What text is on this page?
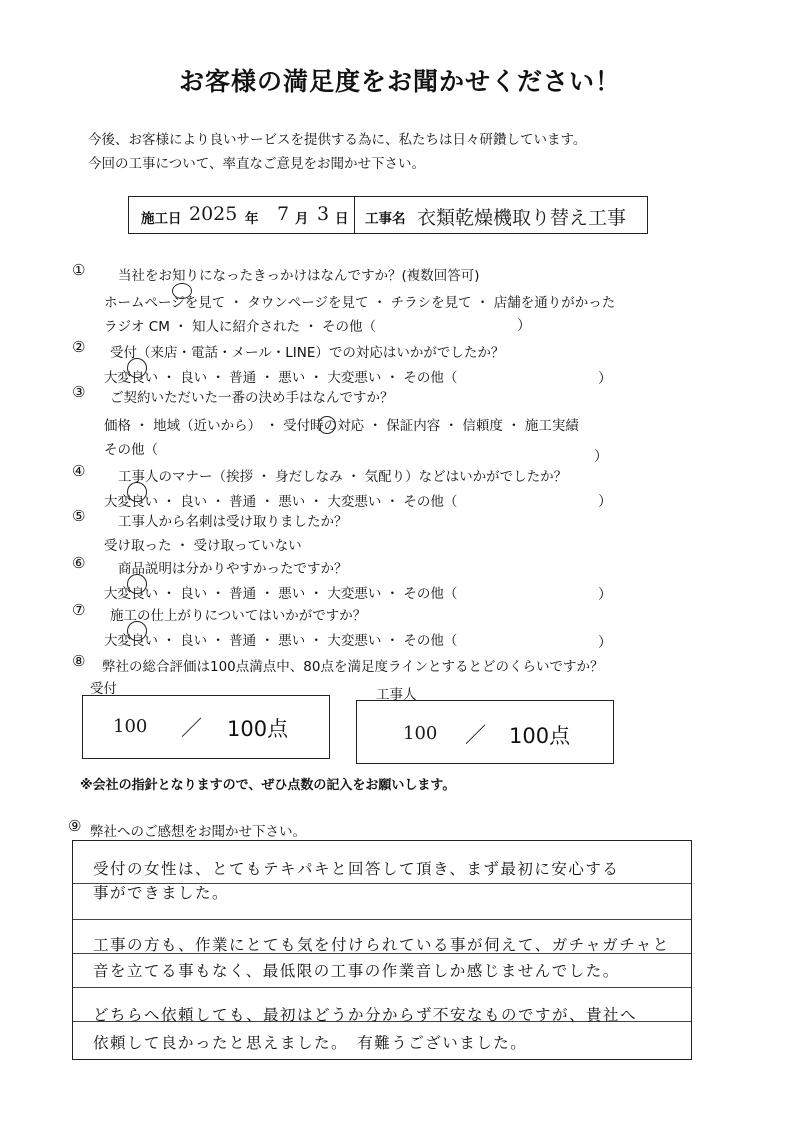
お客様の満足度をお聞かせください！
今後、お客様により良いサービスを提供する為に、私たちは日々研鑽しています。
今回の工事について、率直なご意見をお聞かせ下さい。
施工日 2025 年 7 月 3 日 工事名 衣類乾燥機取り替え工事
① 当社をお知りになったきっかけはなんですか？(複数回答可)
ホームページを見て ・ タウンページを見て ・ チラシを見て ・ 店舗を通りがかった
ラジオ CM ・ 知人に紹介された ・ その他（	）
② 受付（来店・電話・メール・LINE）での対応はいかがでしたか？
大変良い ・ 良い ・ 普通 ・ 悪い ・ 大変悪い ・ その他（	）
③ ご契約いただいた一番の決め手はなんですか？
価格 ・ 地域（近いから） ・ 受付時の対応 ・ 保証内容 ・ 信頼度 ・ 施工実績
その他（	）
④ 工事人のマナー（挨拶 ・ 身だしなみ ・ 気配り）などはいかがでしたか？
大変良い ・ 良い ・ 普通 ・ 悪い ・ 大変悪い ・ その他（	）
⑤ 工事人から名刺は受け取りましたか？
受け取った ・ 受け取っていない
⑥ 商品説明は分かりやすかったですか？
大変良い ・ 良い ・ 普通 ・ 悪い ・ 大変悪い ・ その他（	）
⑦ 施工の仕上がりについてはいかがですか？
大変良い ・ 良い ・ 普通 ・ 悪い ・ 大変悪い ・ その他（	）
⑧ 弊社の総合評価は100点満点中、80点を満足度ラインとするとどのくらいですか？
受付
100 ／ 100点
工事人
100 ／ 100点
※会社の指針となりますので、ぜひ点数の記入をお願いします。
⑨ 弊社へのご感想をお聞かせ下さい。
受付の女性は、とてもテキパキと回答して頂き、まず最初に安心する
事ができました。
工事の方も、作業にとても気を付けられている事が伺えて、ガチャガチャと
音を立てる事もなく、最低限の工事の作業音しか感じませんでした。
どちらへ依頼しても、最初はどうか分からず不安なものですが、貴社へ
依頼して良かったと思えました。　有難うございました。
